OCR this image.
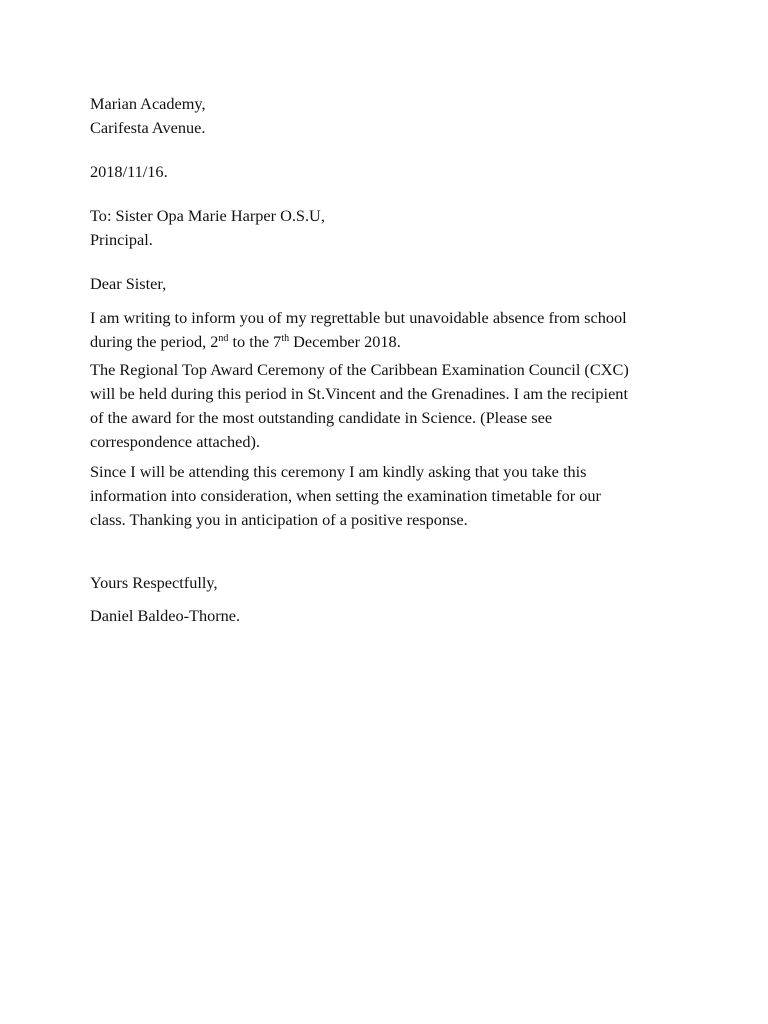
Marian Academy,
Carifesta Avenue.
2018/11/16.
To: Sister Opa Marie Harper O.S.U,
Principal.
Dear Sister,
I am writing to inform you of my regrettable but unavoidable absence from school
during the period, 2nd to the 7th December 2018.
The Regional Top Award Ceremony of the Caribbean Examination Council (CXC)
will be held during this period in St.Vincent and the Grenadines. I am the recipient
of the award for the most outstanding candidate in Science. (Please see
correspondence attached).
Since I will be attending this ceremony I am kindly asking that you take this
information into consideration, when setting the examination timetable for our
class. Thanking you in anticipation of a positive response.
Yours Respectfully,
Daniel Baldeo-Thorne.
